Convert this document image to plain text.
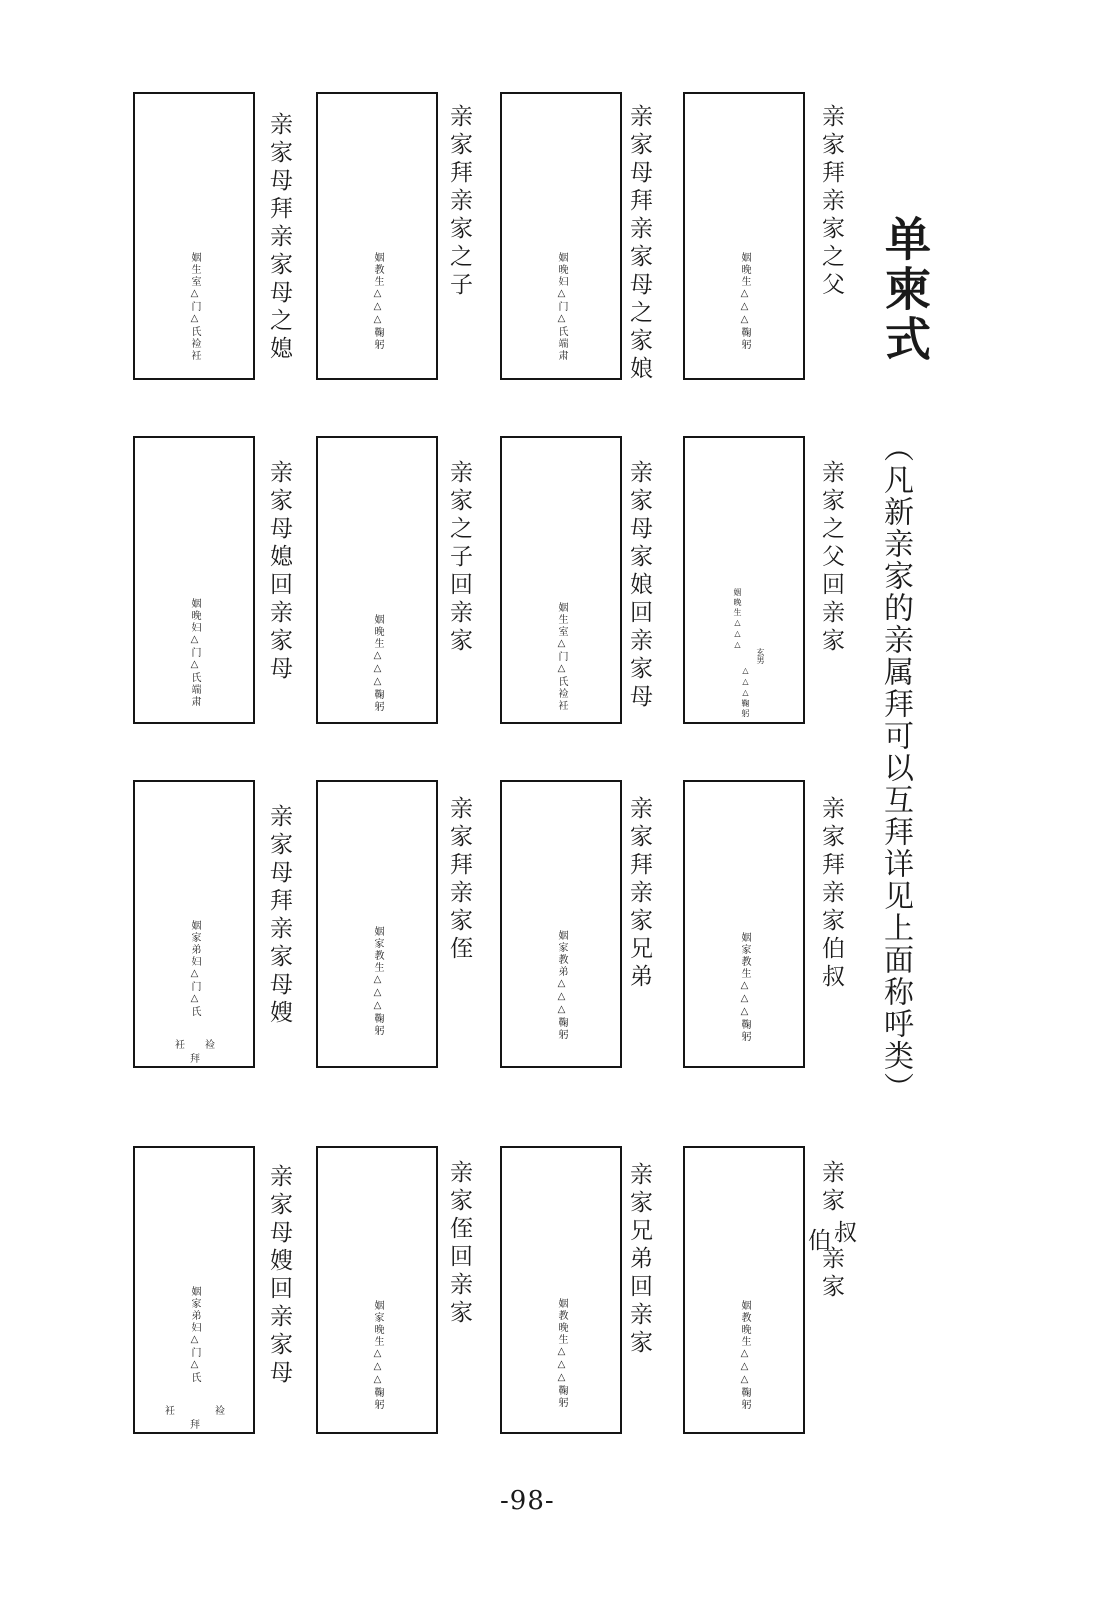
单柬式
（凡新亲家的亲属拜可以互拜详见上面称呼类）
姻晚生△△△鞠躬
亲家拜亲家之父
姻晚妇△门△氏端肃	亲家母拜亲家母之家娘
姻教生△△△鞠躬
亲家拜亲家之子
姻生室△门△氏裣衽	亲家母拜亲家母之媳
姻晚生△△△
玄男
△△△鞠躬
亲家之父回亲家
姻生室△门△氏裣衽	亲家母家娘回亲家母
姻晚生△△△鞠躬
亲家之子回亲家
姻晚妇△门△氏端肃	亲家母媳回亲家母
姻家教生△△△鞠躬	亲家拜亲家伯叔
姻家教弟△△△鞠躬	亲家拜亲家兄弟
姻家教生△△△鞠躬
亲家拜亲家侄
姻家弟妇△门△氏
衽 裣
拜
亲家母拜亲家母嫂
姻教晚生△△△鞠躬
亲家
伯 叔
亲家
姻教晚生△△△鞠躬	亲家兄弟回亲家
姻家晚生△△△鞠躬
亲家侄回亲家
姻家弟妇△门△氏
衽	裣
拜
亲家母嫂回亲家母
-98-
